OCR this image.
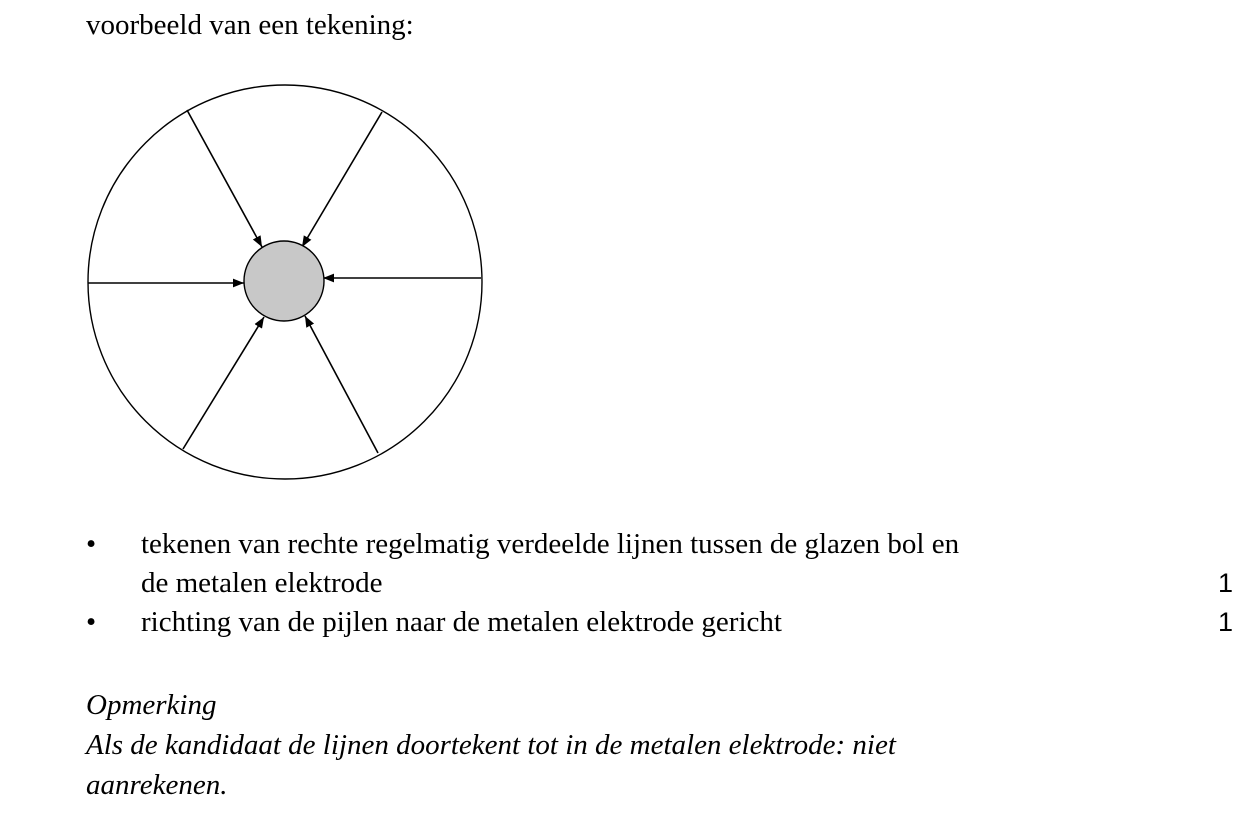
voorbeeld van een tekening:
• tekenen van rechte regelmatig verdeelde lijnen tussen de glazen bol en
de metalen elektrode	1
• richting van de pijlen naar de metalen elektrode gericht	1
Opmerking
Als de kandidaat de lijnen doortekent tot in de metalen elektrode: niet
aanrekenen.
